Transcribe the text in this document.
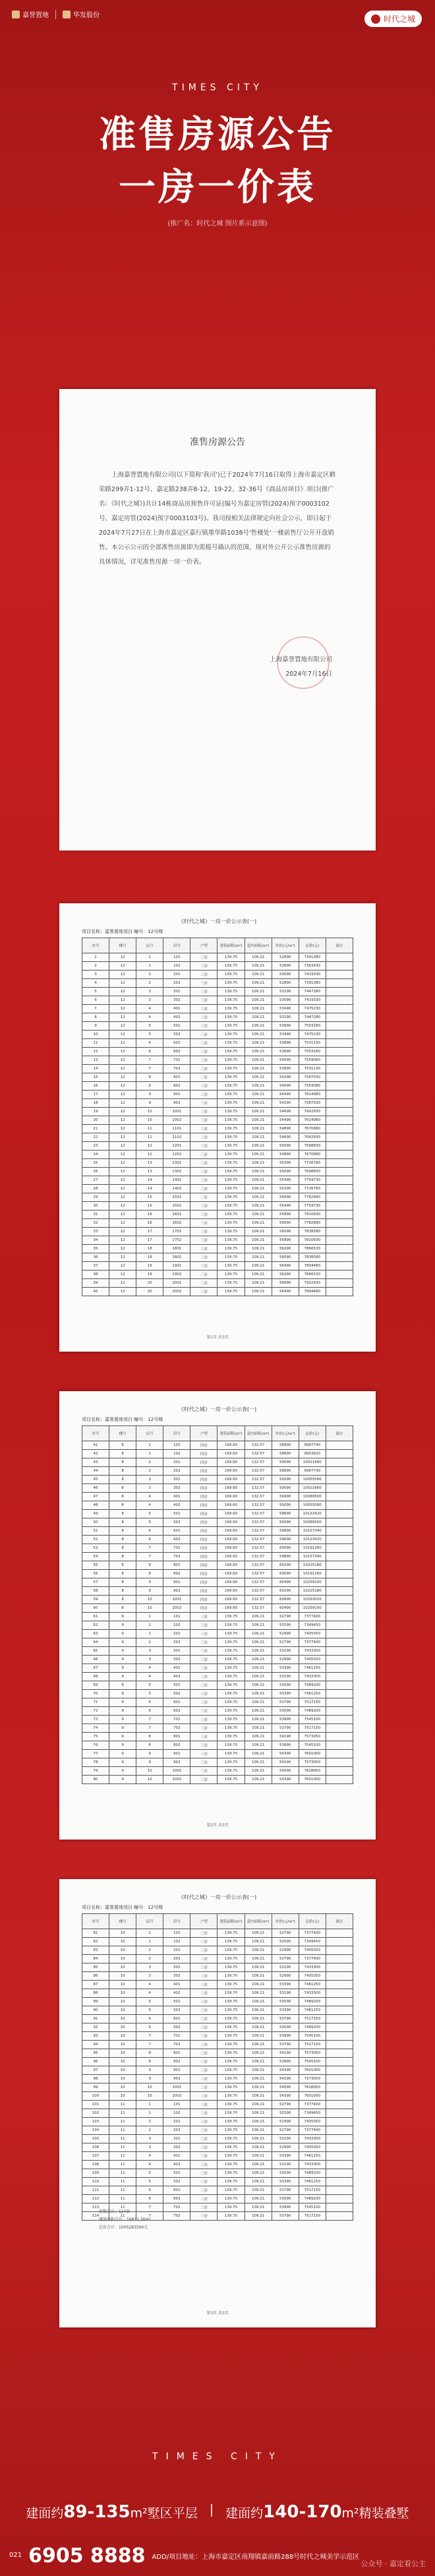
嘉誉置地	华发股份	时代之城
TIMES CITY
准售房源公告
一房一价表
(推广名：时代之城 图片系示意图)
准售房源公告
上海嘉誉置地有限公司(以下简称'我司')已于2024年7月16日取得上海市嘉定区鹤荣路299弄1-12号、嘉定路238弄8-12、19-22、32-36号《商品房项目》项目(推广名：《时代之城》)共计14栋商品房预售许可证(编号为嘉定房管(2024)预字0003102号、嘉定房管(2024)预字0003103号)。我司按相关法律规定向社会公示，即日起于2024年7月27日在上海市嘉定区嘉行镇墨华路1038号'售楼处'一楼前售厅公开开盘销售。本公示公示的全部准售房源即为需摇号确认的范围，现对外公开公示准售房源的具体情况，详见准售房源一房一价表。
上海嘉誉置地有限公司
2024年7月16日
《时代之城》一房一价公示表(一)
项目名称：嘉誉置地项目 幢号：12号楼
序号	楼号	层号	房号	户型	建筑面积(m²)	套内面积(m²)	单价(元/m²)	总价(元)	备注
1	12	1	101	三房	139.75	109.21	52890	7391380	
2	12	1	102	三房	139.75	109.21	52690	7363430	
3	12	2	201	三房	139.75	109.21	53090	7419330	
4	12	2	202	三房	139.75	109.21	52890	7391380	
5	12	3	301	三房	139.75	109.21	53290	7447280	
6	12	3	302	三房	139.75	109.21	53090	7419330	
7	12	4	401	三房	139.75	109.21	53490	7475230	
8	12	4	402	三房	139.75	109.21	53290	7447280	
9	12	5	501	三房	139.75	109.21	53690	7503180	
10	12	5	502	三房	139.75	109.21	53490	7475230	
11	12	6	601	三房	139.75	109.21	53890	7531130	
12	12	6	602	三房	139.75	109.21	53690	7503180	
13	12	7	701	三房	139.75	109.21	54090	7559080	
14	12	7	702	三房	139.75	109.21	53890	7531130	
15	12	8	801	三房	139.75	109.21	54290	7587030	
16	12	8	802	三房	139.75	109.21	54090	7559080	
17	12	9	901	三房	139.75	109.21	54490	7614980	
18	12	9	902	三房	139.75	109.21	54290	7587030	
19	12	10	1001	三房	139.75	109.21	54690	7642930	
20	12	10	1002	三房	139.75	109.21	54490	7614980	
21	12	11	1101	三房	139.75	109.21	54890	7670880	
22	12	11	1102	三房	139.75	109.21	54690	7642930	
23	12	12	1201	三房	139.75	109.21	55090	7698830	
24	12	12	1202	三房	139.75	109.21	54890	7670880	
25	12	13	1301	三房	139.75	109.21	55290	7726780	
26	12	13	1302	三房	139.75	109.21	55090	7698830	
27	12	14	1401	三房	139.75	109.21	55490	7754730	
28	12	14	1402	三房	139.75	109.21	55290	7726780	
29	12	15	1501	三房	139.75	109.21	55690	7782680	
30	12	15	1502	三房	139.75	109.21	55490	7754730	
31	12	16	1601	三房	139.75	109.21	55890	7810630	
32	12	16	1602	三房	139.75	109.21	55690	7782680	
33	12	17	1701	三房	139.75	109.21	56090	7838580	
34	12	17	1702	三房	139.75	109.21	55890	7810630	
35	12	18	1801	三房	139.75	109.21	56290	7866530	
36	12	18	1802	三房	139.75	109.21	56090	7838580	
37	12	19	1901	三房	139.75	109.21	56490	7894480	
38	12	19	1902	三房	139.75	109.21	56290	7866530	
39	12	20	2001	三房	139.75	109.21	56690	7922430	
40	12	20	2002	三房	139.75	109.21	56490	7894480	
第1页 共3页
《时代之城》一房一价公示表(一)
项目名称：嘉誉置地项目 幢号：12号楼
序号	楼号	层号	房号	户型	建筑面积(m²)	套内面积(m²)	单价(元/m²)	总价(元)	备注
41	8	1	101	四房	169.60	132.57	58890	9987740	
42	8	1	102	四房	169.60	132.57	58690	9953820	
43	8	2	201	四房	169.60	132.57	59090	10021660	
44	8	2	202	四房	169.60	132.57	58890	9987740	
45	8	3	301	四房	169.60	132.57	59290	10055580	
46	8	3	302	四房	169.60	132.57	59090	10021660	
47	8	4	401	四房	169.60	132.57	59490	10089500	
48	8	4	402	四房	169.60	132.57	59290	10055580	
49	8	5	501	四房	169.60	132.57	59690	10123420	
50	8	5	502	四房	169.60	132.57	59490	10089500	
51	8	6	601	四房	169.60	132.57	59890	10157340	
52	8	6	602	四房	169.60	132.57	59690	10123420	
53	8	7	701	四房	169.60	132.57	60090	10191260	
54	8	7	702	四房	169.60	132.57	59890	10157340	
55	8	8	801	四房	169.60	132.57	60290	10225180	
56	8	8	802	四房	169.60	132.57	60090	10191260	
57	8	9	901	四房	169.60	132.57	60490	10259100	
58	8	9	902	四房	169.60	132.57	60290	10225180	
59	8	10	1001	四房	169.60	132.57	60690	10293020	
60	8	10	1002	四房	169.60	132.57	60490	10259100	
61	9	1	101	三房	139.75	109.21	52790	7377400	
62	9	1	102	三房	139.75	109.21	52590	7349450	
63	9	2	201	三房	139.75	109.21	52990	7405350	
64	9	2	202	三房	139.75	109.21	52790	7377400	
65	9	3	301	三房	139.75	109.21	53190	7433300	
66	9	3	302	三房	139.75	109.21	52990	7405350	
67	9	4	401	三房	139.75	109.21	53390	7461250	
68	9	4	402	三房	139.75	109.21	53190	7433300	
69	9	5	501	三房	139.75	109.21	53590	7489200	
70	9	5	502	三房	139.75	109.21	53390	7461250	
71	9	6	601	三房	139.75	109.21	53790	7517150	
72	9	6	602	三房	139.75	109.21	53590	7489200	
73	9	7	701	三房	139.75	109.21	53990	7545100	
74	9	7	702	三房	139.75	109.21	53790	7517150	
75	9	8	801	三房	139.75	109.21	54190	7573050	
76	9	8	802	三房	139.75	109.21	53990	7545100	
77	9	9	901	三房	139.75	109.21	54390	7601000	
78	9	9	902	三房	139.75	109.21	54190	7573050	
79	9	10	1001	三房	139.75	109.21	54590	7628950	
80	9	10	1002	三房	139.75	109.21	54390	7601000	
第2页 共3页
《时代之城》一房一价公示表(一)
项目名称：嘉誉置地项目 幢号：12号楼
序号	楼号	层号	房号	户型	建筑面积(m²)	套内面积(m²)	单价(元/m²)	总价(元)	备注
81	10	1	101	三房	139.75	109.21	52790	7377400	
82	10	1	102	三房	139.75	109.21	52590	7349450	
83	10	2	201	三房	139.75	109.21	52990	7405350	
84	10	2	202	三房	139.75	109.21	52790	7377400	
85	10	3	301	三房	139.75	109.21	53190	7433300	
86	10	3	302	三房	139.75	109.21	52990	7405350	
87	10	4	401	三房	139.75	109.21	53390	7461250	
88	10	4	402	三房	139.75	109.21	53190	7433300	
89	10	5	501	三房	139.75	109.21	53590	7489200	
90	10	5	502	三房	139.75	109.21	53390	7461250	
91	10	6	601	三房	139.75	109.21	53790	7517150	
92	10	6	602	三房	139.75	109.21	53590	7489200	
93	10	7	701	三房	139.75	109.21	53990	7545100	
94	10	7	702	三房	139.75	109.21	53790	7517150	
95	10	8	801	三房	139.75	109.21	54190	7573050	
96	10	8	802	三房	139.75	109.21	53990	7545100	
97	10	9	901	三房	139.75	109.21	54390	7601000	
98	10	9	902	三房	139.75	109.21	54190	7573050	
99	10	10	1001	三房	139.75	109.21	54590	7628950	
100	10	10	1002	三房	139.75	109.21	54390	7601000	
101	11	1	101	三房	139.75	109.21	52790	7377400	
102	11	1	102	三房	139.75	109.21	52590	7349450	
103	11	2	201	三房	139.75	109.21	52990	7405350	
104	11	2	202	三房	139.75	109.21	52790	7377400	
105	11	3	301	三房	139.75	109.21	53190	7433300	
106	11	3	302	三房	139.75	109.21	52990	7405350	
107	11	4	401	三房	139.75	109.21	53390	7461250	
108	11	4	402	三房	139.75	109.21	53190	7433300	
109	11	5	501	三房	139.75	109.21	53590	7489200	
110	11	5	502	三房	139.75	109.21	53390	7461250	
111	11	6	601	三房	139.75	109.21	53790	7517150	
112	11	6	602	三房	139.75	109.21	53590	7489200	
113	11	7	701	三房	139.75	109.21	53990	7545100	
114	11	7	702	三房	139.75	109.21	53790	7517150	
套数合计：114套
建筑面积合计：16831.26m²
总价合计：1005283590元
第3页 共3页
TIMES CITY
建面约89-135m²墅区平层 | 建面约140-170m²精装叠墅
021 6905 8888 ADD/项目地址：上海市嘉定区南翔镇嘉前路288号时代之城美学示范区
公众号 · 嘉定看公主
